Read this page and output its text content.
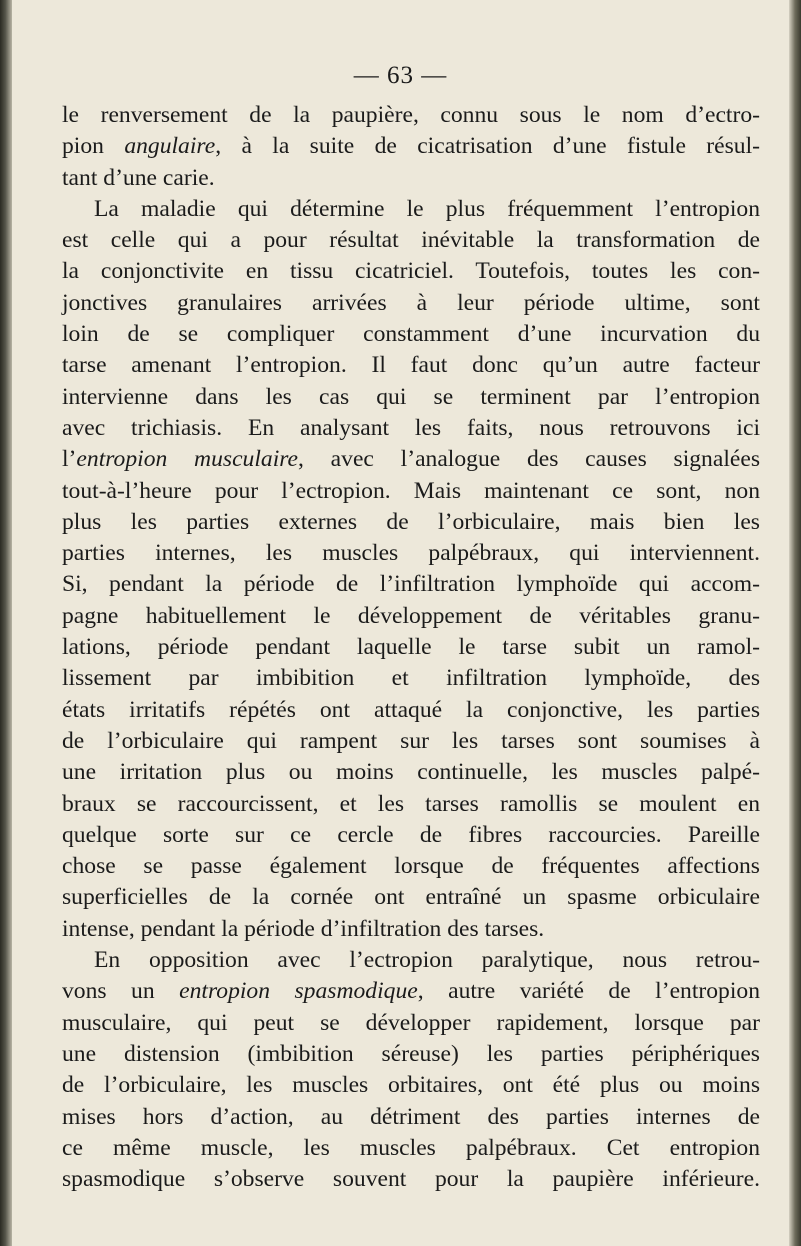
— 63 —
le renversement de la paupière, connu sous le nom d’ectro-
pion angulaire, à la suite de cicatrisation d’une fistule résul-
tant d’une carie.
La maladie qui détermine le plus fréquemment l’entropion
est celle qui a pour résultat inévitable la transformation de
la conjonctivite en tissu cicatriciel. Toutefois, toutes les con-
jonctives granulaires arrivées à leur période ultime, sont
loin de se compliquer constamment d’une incurvation du
tarse amenant l’entropion. Il faut donc qu’un autre facteur
intervienne dans les cas qui se terminent par l’entropion
avec trichiasis. En analysant les faits, nous retrouvons ici
l’entropion musculaire, avec l’analogue des causes signalées
tout-à-l’heure pour l’ectropion. Mais maintenant ce sont, non
plus les parties externes de l’orbiculaire, mais bien les
parties internes, les muscles palpébraux, qui interviennent.
Si, pendant la période de l’infiltration lymphoïde qui accom-
pagne habituellement le développement de véritables granu-
lations, période pendant laquelle le tarse subit un ramol-
lissement par imbibition et infiltration lymphoïde, des
états irritatifs répétés ont attaqué la conjonctive, les parties
de l’orbiculaire qui rampent sur les tarses sont soumises à
une irritation plus ou moins continuelle, les muscles palpé-
braux se raccourcissent, et les tarses ramollis se moulent en
quelque sorte sur ce cercle de fibres raccourcies. Pareille
chose se passe également lorsque de fréquentes affections
superficielles de la cornée ont entraîné un spasme orbiculaire
intense, pendant la période d’infiltration des tarses.
En opposition avec l’ectropion paralytique, nous retrou-
vons un entropion spasmodique, autre variété de l’entropion
musculaire, qui peut se développer rapidement, lorsque par
une distension (imbibition séreuse) les parties périphériques
de l’orbiculaire, les muscles orbitaires, ont été plus ou moins
mises hors d’action, au détriment des parties internes de
ce même muscle, les muscles palpébraux. Cet entropion
spasmodique s’observe souvent pour la paupière inférieure.
